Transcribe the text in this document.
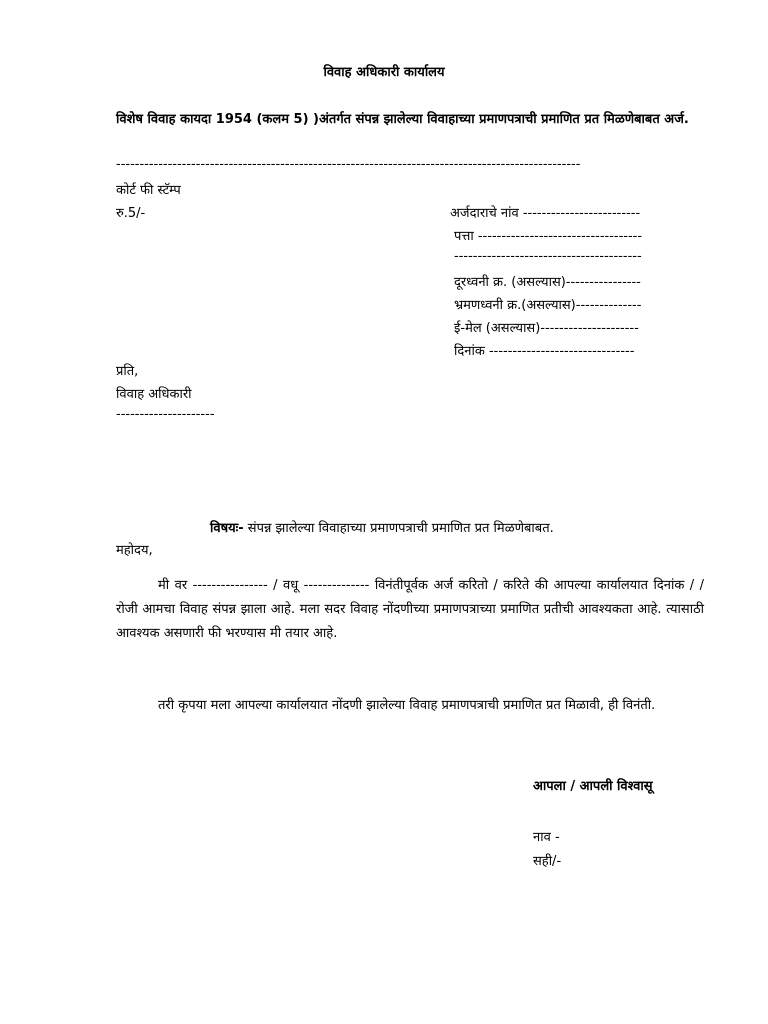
विवाह अधिकारी कार्यालय
विशेष विवाह कायदा 1954 (कलम 5) )अंतर्गत संपन्न झालेल्या विवाहाच्या प्रमाणपत्राची प्रमाणित प्रत मिळणेबाबत अर्ज.
---------------------------------------------------------------------------------------------------
कोर्ट फी स्टॅम्प
रु.5/-	अर्जदाराचे नांव -------------------------
पत्ता -----------------------------------
----------------------------------------
दूरध्वनी क्र. (असल्यास)----------------
भ्रमणध्वनी क्र.(असल्यास)--------------
ई-मेल (असल्यास)---------------------
दिनांक -------------------------------
प्रति,
विवाह अधिकारी
---------------------
विषयः- संपन्न झालेल्या विवाहाच्या प्रमाणपत्राची प्रमाणित प्रत मिळणेबाबत.
महोदय,
मी वर ---------------- / वधू -------------- विनंतीपूर्वक अर्ज करितो / करिते की आपल्या कार्यालयात दिनांक / / रोजी आमचा विवाह संपन्न झाला आहे. मला सदर विवाह नोंदणीच्या प्रमाणपत्राच्या प्रमाणित प्रतीची आवश्यकता आहे. त्यासाठी आवश्यक असणारी फी भरण्यास मी तयार आहे.
तरी कृपया मला आपल्या कार्यालयात नोंदणी झालेल्या विवाह प्रमाणपत्राची प्रमाणित प्रत मिळावी, ही विनंती.
आपला / आपली विश्वासू
नाव -
सही/-
